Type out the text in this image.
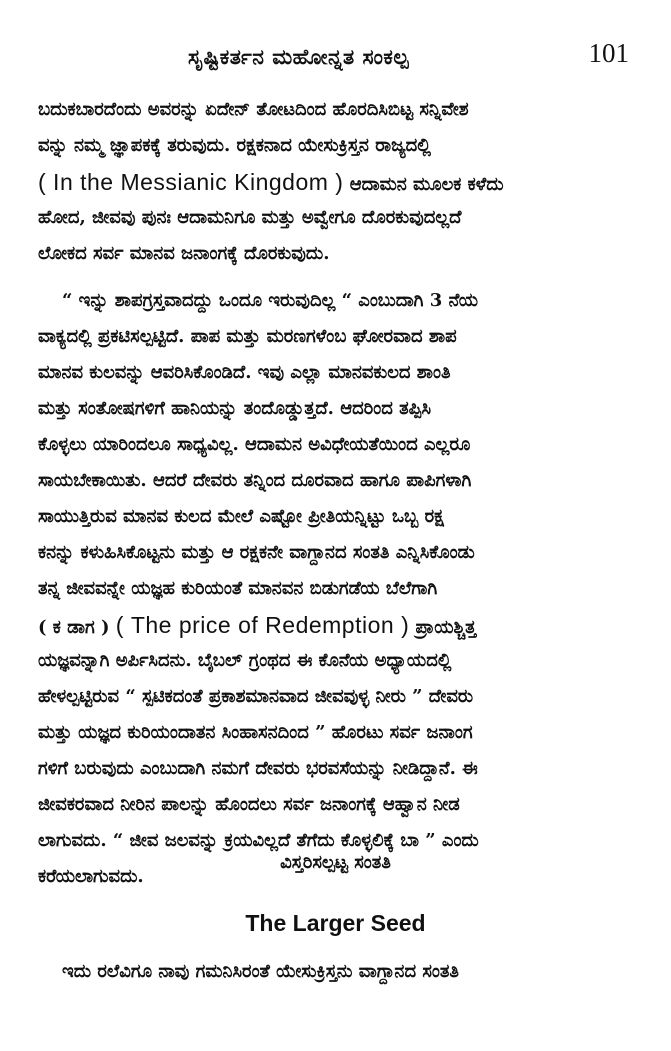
ಸೃಷ್ಟಿಕರ್ತನ ಮಹೋನ್ನತ ಸಂಕಲ್ಪ	101
ಬದುಕಬಾರದೆಂದು ಅವರನ್ನು ಏದೇನ್ ತೋಟದಿಂದ ಹೊರದಿಸಿಬಿಟ್ಟ ಸನ್ನಿವೇಶ
ವನ್ನು ನಮ್ಮ ಜ್ಞಾಪಕಕ್ಕೆ ತರುವುದು. ರಕ್ಷಕನಾದ ಯೇಸುಕ್ರಿಸ್ತನ ರಾಜ್ಯದಲ್ಲಿ
( In the Messianic Kingdom ) ಆದಾಮನ ಮೂಲಕ ಕಳೆದು
ಹೋದ, ಜೀವವು ಪುನಃ ಆದಾಮನಿಗೂ ಮತ್ತು ಅವ್ವೇಗೂ ದೊರಕುವುದಲ್ಲದೆ
ಲೋಕದ ಸರ್ವ ಮಾನವ ಜನಾಂಗಕ್ಕೆ ದೊರಕುವುದು.
“ ಇನ್ನು ಶಾಪಗ್ರಸ್ತವಾದದ್ದು ಒಂದೂ ಇರುವುದಿಲ್ಲ “ ಎಂಬುದಾಗಿ 3 ನೆಯ
ವಾಕ್ಯದಲ್ಲಿ ಪ್ರಕಟಿಸಲ್ಪಟ್ಟಿದೆ. ಪಾಪ ಮತ್ತು ಮರಣಗಳೆಂಬ ಘೋರವಾದ ಶಾಪ
ಮಾನವ ಕುಲವನ್ನು ಆವರಿಸಿಕೊಂಡಿದೆ. ಇವು ಎಲ್ಲಾ ಮಾನವಕುಲದ ಶಾಂತಿ
ಮತ್ತು ಸಂತೋಷಗಳಿಗೆ ಹಾನಿಯನ್ನು ತಂದೊಡ್ಡುತ್ತದೆ. ಆದರಿಂದ ತಪ್ಪಿಸಿ
ಕೊಳ್ಳಲು ಯಾರಿಂದಲೂ ಸಾಧ್ಯವಿಲ್ಲ. ಆದಾಮನ ಅವಿಧೇಯತೆಯಿಂದ ಎಲ್ಲರೂ
ಸಾಯಬೇಕಾಯಿತು. ಆದರೆ ದೇವರು ತನ್ನಿಂದ ದೂರವಾದ ಹಾಗೂ ಪಾಪಿಗಳಾಗಿ
ಸಾಯುತ್ತಿರುವ ಮಾನವ ಕುಲದ ಮೇಲೆ ಎಷ್ಟೋ ಪ್ರೀತಿಯನ್ನಿಟ್ಟು ಒಬ್ಬ ರಕ್ಷ
ಕನನ್ನು ಕಳುಹಿಸಿಕೊಟ್ಟನು ಮತ್ತು ಆ ರಕ್ಷಕನೇ ವಾಗ್ದಾನದ ಸಂತತಿ ಎನ್ನಿಸಿಕೊಂಡು
ತನ್ನ ಜೀವವನ್ನೇ ಯಜ್ಞಹ ಕುರಿಯಂತೆ ಮಾನವನ ಬಿಡುಗಡೆಯ ಬೆಲೆಗಾಗಿ
( ಕ ಡಾಗ ) ( The price of Redemption ) ಪ್ರಾಯಶ್ಚಿತ್ತ
ಯಜ್ಞವನ್ನಾಗಿ ಅರ್ಪಿಸಿದನು. ಬೈಬಲ್ ಗ್ರಂಥದ ಈ ಕೊನೆಯ ಅಧ್ಯಾಯದಲ್ಲಿ
ಹೇಳಲ್ಪಟ್ಟಿರುವ “ ಸ್ಪಟಿಕದಂತೆ ಪ್ರಕಾಶಮಾನವಾದ ಜೀವವುಳ್ಳ ನೀರು ” ದೇವರು
ಮತ್ತು ಯಜ್ಞದ ಕುರಿಯಂದಾತನ ಸಿಂಹಾಸನದಿಂದ ” ಹೊರಟು ಸರ್ವ ಜನಾಂಗ
ಗಳಿಗೆ ಬರುವುದು ಎಂಬುದಾಗಿ ನಮಗೆ ದೇವರು ಭರವಸೆಯನ್ನು ನೀಡಿದ್ದಾನೆ. ಈ
ಜೀವಕರವಾದ ನೀರಿನ ಪಾಲನ್ನು ಹೊಂದಲು ಸರ್ವ ಜನಾಂಗಕ್ಕೆ ಆಹ್ವಾನ ನೀಡ
ಲಾಗುವದು. “ ಜೀವ ಜಲವನ್ನು ಕ್ರಯವಿಲ್ಲದೆ ತೆಗೆದು ಕೊಳ್ಳಲಿಕ್ಕೆ ಬಾ ” ಎಂದು
ಕರೆಯಲಾಗುವದು.
ವಿಸ್ತರಿಸಲ್ಪಟ್ಟ ಸಂತತಿ
The Larger Seed
ಇದು ರಲೆವಿಗೂ ನಾವು ಗಮನಿಸಿರಂತೆ ಯೇಸುಕ್ರಿಸ್ತನು ವಾಗ್ದಾನದ ಸಂತತಿ
